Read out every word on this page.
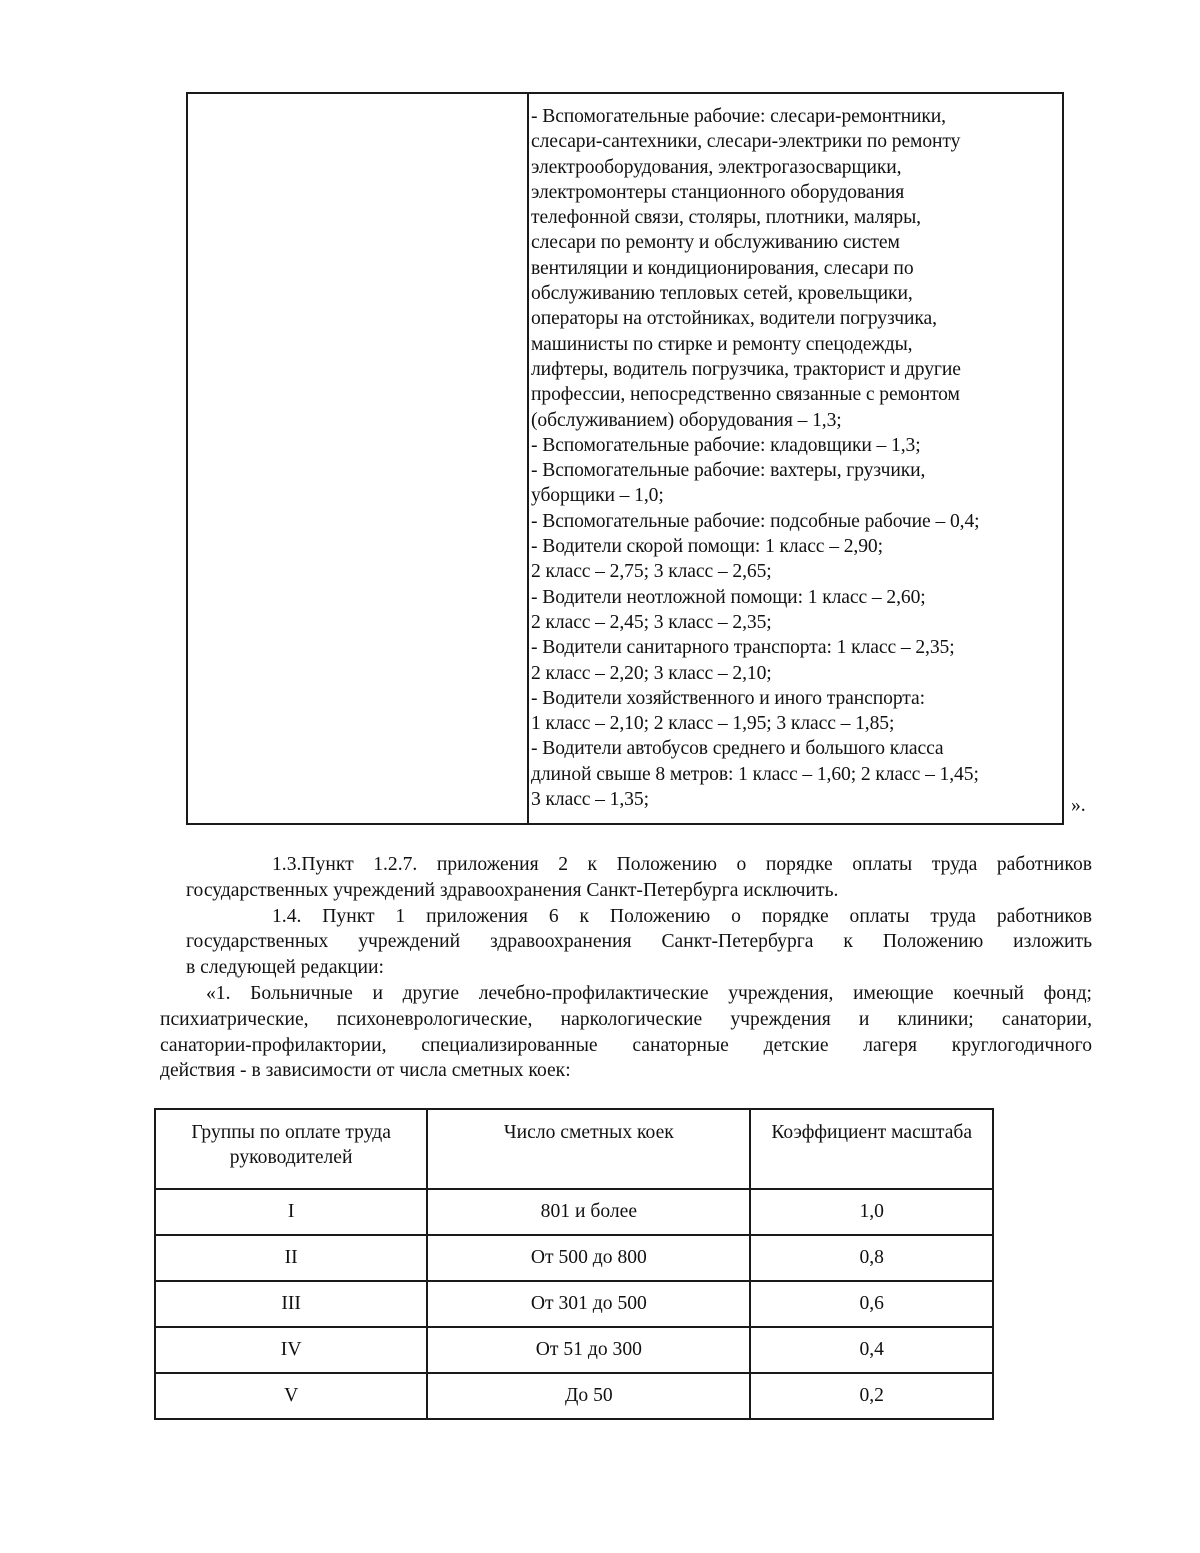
- Вспомогательные рабочие: слесари-ремонтники,
слесари-сантехники, слесари-электрики по ремонту
электрооборудования, электрогазосварщики,
электромонтеры станционного оборудования
телефонной связи, столяры, плотники, маляры,
слесари по ремонту и обслуживанию систем
вентиляции и кондиционирования, слесари по
обслуживанию тепловых сетей, кровельщики,
операторы на отстойниках, водители погрузчика,
машинисты по стирке и ремонту спецодежды,
лифтеры, водитель погрузчика, тракторист и другие
профессии, непосредственно связанные с ремонтом
(обслуживанием) оборудования – 1,3;
- Вспомогательные рабочие: кладовщики – 1,3;
- Вспомогательные рабочие: вахтеры, грузчики,
уборщики – 1,0;
- Вспомогательные рабочие: подсобные рабочие – 0,4;
- Водители скорой помощи: 1 класс – 2,90;
2 класс – 2,75; 3 класс – 2,65;
- Водители неотложной помощи: 1 класс – 2,60;
2 класс – 2,45; 3 класс – 2,35;
- Водители санитарного транспорта: 1 класс – 2,35;
2 класс – 2,20; 3 класс – 2,10;
- Водители хозяйственного и иного транспорта:
1 класс – 2,10; 2 класс – 1,95; 3 класс – 1,85;
- Водители автобусов среднего и большого класса
длиной свыше 8 метров: 1 класс – 1,60; 2 класс – 1,45;
3 класс – 1,35;	».
1.3.Пункт 1.2.7. приложения 2 к Положению о порядке оплаты труда работников
государственных учреждений здравоохранения Санкт-Петербурга исключить.
1.4. Пункт 1 приложения 6 к Положению о порядке оплаты труда работников
государственных учреждений здравоохранения Санкт-Петербурга к Положению изложить
в следующей редакции:
«1. Больничные и другие лечебно-профилактические учреждения, имеющие коечный фонд;
психиатрические, психоневрологические, наркологические учреждения и клиники; санатории,
санатории-профилактории, специализированные санаторные детские лагеря круглогодичного
действия - в зависимости от числа сметных коек:
Группы по оплате труда руководителей	Число сметных коек	Коэффициент масштаба
I	801 и более	1,0
II	От 500 до 800	0,8
III	От 301 до 500	0,6
IV	От 51 до 300	0,4
V	До 50	0,2
